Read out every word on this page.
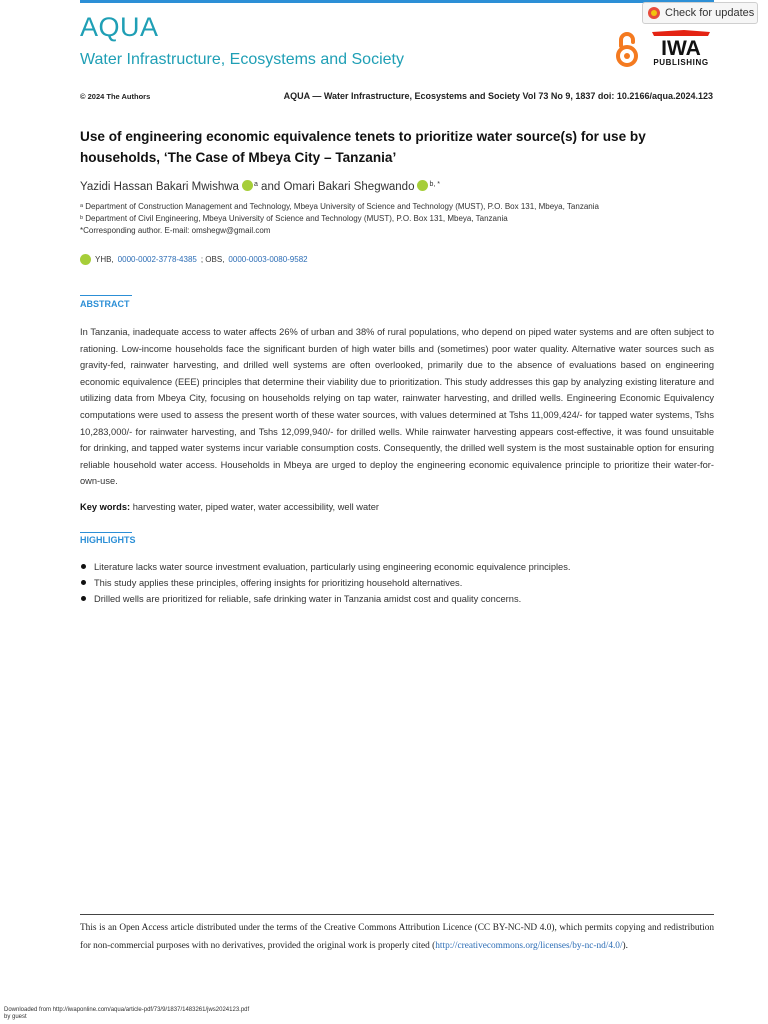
AQUA
Water Infrastructure, Ecosystems and Society
Check for updates
IWA
PUBLISHING
© 2024 The Authors	AQUA — Water Infrastructure, Ecosystems and Society Vol 73 No 9, 1837 doi: 10.2166/aqua.2024.123
Use of engineering economic equivalence tenets to prioritize water source(s) for use by households, ‘The Case of Mbeya City – Tanzania’
Yazidi Hassan Bakari Mwishwa $^a$ and Omari Bakari Shegwando $^{b, *}$
ᵃ Department of Construction Management and Technology, Mbeya University of Science and Technology (MUST), P.O. Box 131, Mbeya, Tanzania
ᵇ Department of Civil Engineering, Mbeya University of Science and Technology (MUST), P.O. Box 131, Mbeya, Tanzania
*Corresponding author. E-mail: omshegw@gmail.com
YHB, 0000-0002-3778-4385 ; OBS, 0000-0003-0080-9582
ABSTRACT
In Tanzania, inadequate access to water affects 26% of urban and 38% of rural populations, who depend on piped water systems and are often subject to rationing. Low-income households face the significant burden of high water bills and (sometimes) poor water quality. Alternative water sources such as gravity-fed, rainwater harvesting, and drilled well systems are often overlooked, primarily due to the absence of evaluations based on engineering economic equivalence (EEE) principles that determine their viability due to prioritization. This study addresses this gap by analyzing existing literature and utilizing data from Mbeya City, focusing on households relying on tap water, rainwater harvesting, and drilled wells. Engineering Economic Equivalency computations were used to assess the present worth of these water sources, with values determined at Tshs 11,009,424/- for tapped water systems, Tshs 10,283,000/- for rainwater harvesting, and Tshs 12,099,940/- for drilled wells. While rainwater harvesting appears cost-effective, it was found unsuitable for drinking, and tapped water systems incur variable consumption costs. Consequently, the drilled well system is the most sustainable option for ensuring reliable household water access. Households in Mbeya are urged to deploy the engineering economic equivalence principle to prioritize their water-for-own-use.
Key words: harvesting water, piped water, water accessibility, well water
HIGHLIGHTS
Literature lacks water source investment evaluation, particularly using engineering economic equivalence principles.
This study applies these principles, offering insights for prioritizing household alternatives.
Drilled wells are prioritized for reliable, safe drinking water in Tanzania amidst cost and quality concerns.
This is an Open Access article distributed under the terms of the Creative Commons Attribution Licence (CC BY-NC-ND 4.0), which permits copying and redistribution for non-commercial purposes with no derivatives, provided the original work is properly cited (http://creativecommons.org/licenses/by-nc-nd/4.0/).
Downloaded from http://iwaponline.com/aqua/article-pdf/73/9/1837/1483261/jws2024123.pdf
by guest
